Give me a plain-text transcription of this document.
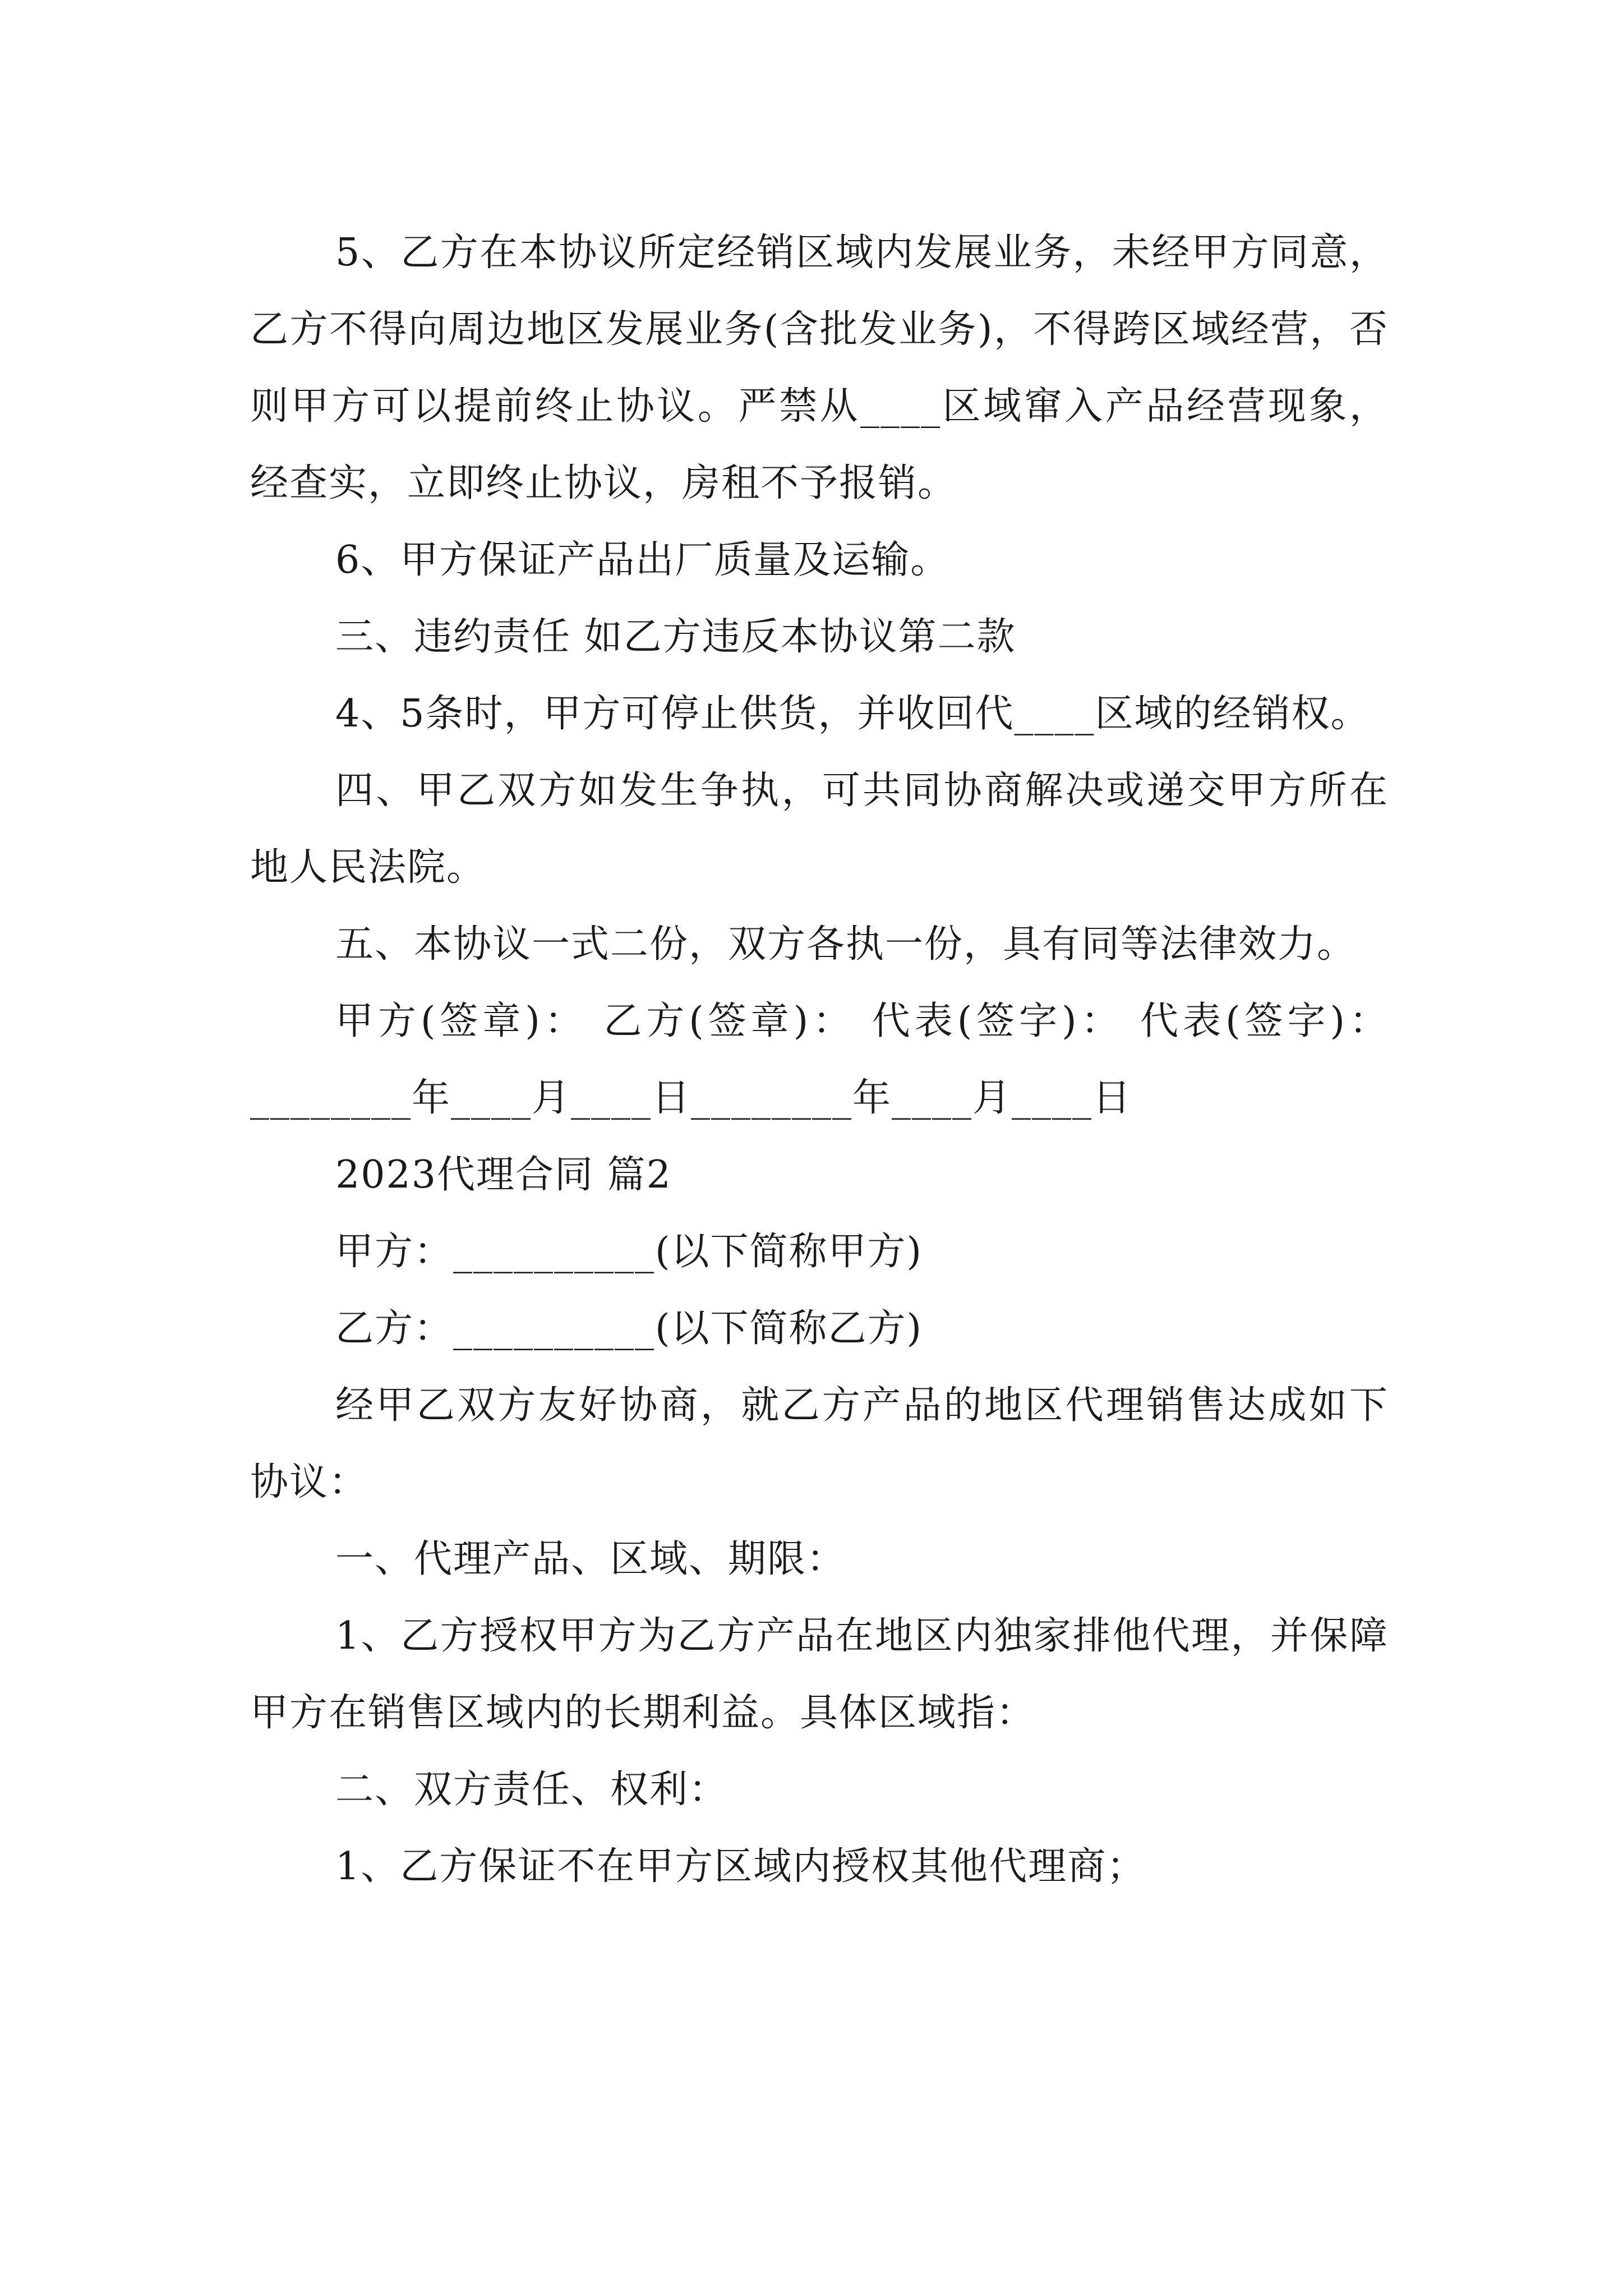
5、乙方在本协议所定经销区域内发展业务，未经甲方同意，乙方不得向周边地区发展业务(含批发业务)，不得跨区域经营，否则甲方可以提前终止协议。严禁从____区域窜入产品经营现象，经查实，立即终止协议，房租不予报销。

6、甲方保证产品出厂质量及运输。

三、违约责任 如乙方违反本协议第二款

4、5条时，甲方可停止供货，并收回代____区域的经销权。

四、甲乙双方如发生争执，可共同协商解决或递交甲方所在地人民法院。

五、本协议一式二份，双方各执一份，具有同等法律效力。

甲方(签章)： 乙方(签章)： 代表(签字)： 代表(签字)： ________年____月____日________年____月____日

2023代理合同 篇2

甲方：__________(以下简称甲方)

乙方：__________(以下简称乙方)

经甲乙双方友好协商，就乙方产品的地区代理销售达成如下协议：

一、代理产品、区域、期限：

1、乙方授权甲方为乙方产品在地区内独家排他代理，并保障甲方在销售区域内的长期利益。具体区域指：

二、双方责任、权利：

1、乙方保证不在甲方区域内授权其他代理商；
